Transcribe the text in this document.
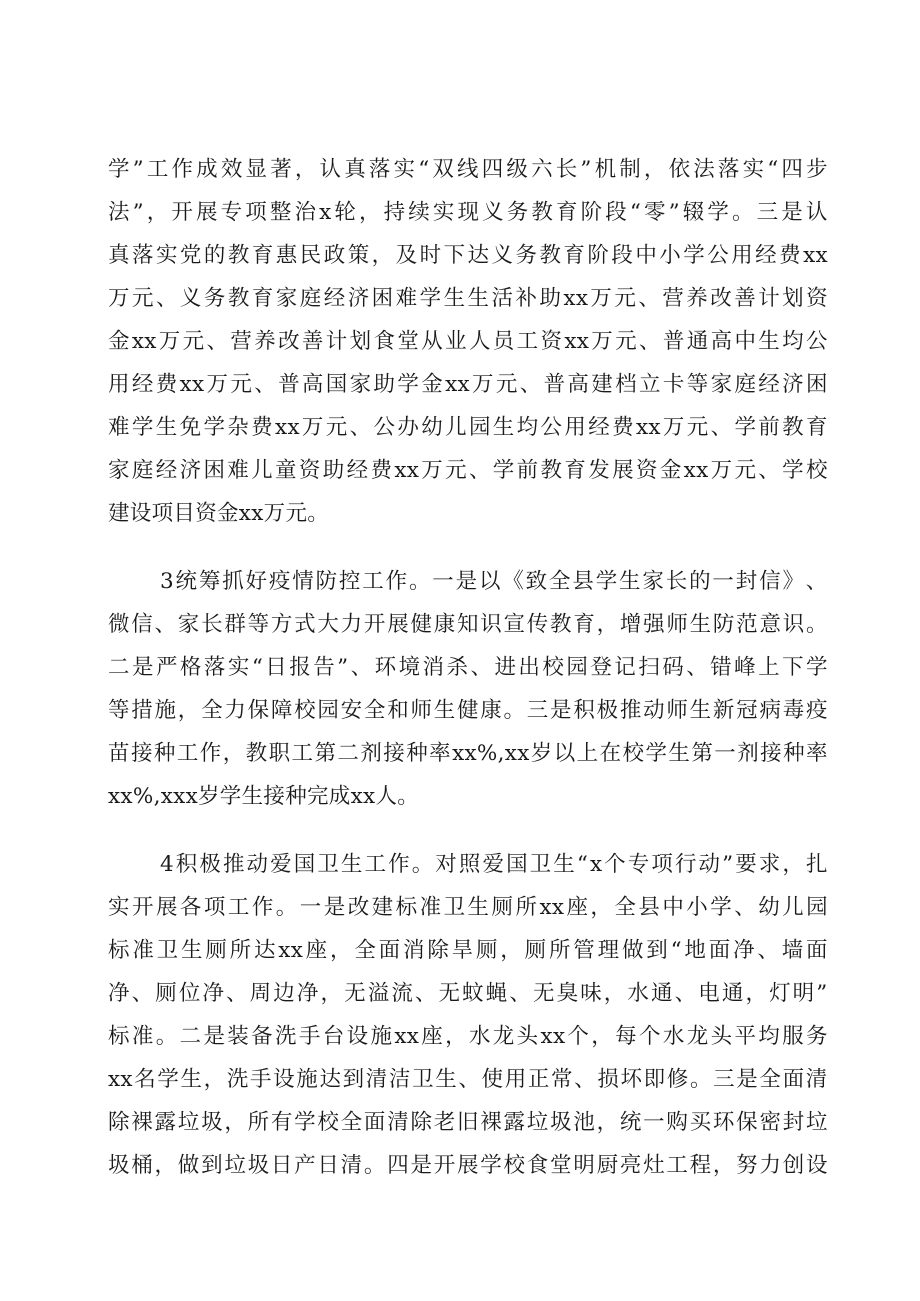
学 ” 工 作 成 效 显 著 ， 认 真 落 实 “ 双 线 四 级 六 长 ” 机 制 ， 依 法 落 实 “ 四 步
法 ” ， 开 展 专 项 整 治 x 轮 ， 持 续 实 现 义 务 教 育 阶 段 “ 零 ” 辍 学 。 三 是 认
真 落 实 党 的 教 育 惠 民 政 策 ， 及 时 下 达 义 务 教 育 阶 段 中 小 学 公 用 经 费 xx
万 元 、 义 务 教 育 家 庭 经 济 困 难 学 生 生 活 补 助 xx 万 元 、 营 养 改 善 计 划 资
金 xx 万 元 、 营 养 改 善 计 划 食 堂 从 业 人 员 工 资 xx 万 元 、 普 通 高 中 生 均 公
用 经 费 xx 万 元 、 普 高 国 家 助 学 金 xx 万 元 、 普 高 建 档 立 卡 等 家 庭 经 济 困
难 学 生 免 学 杂 费 xx 万 元 、 公 办 幼 儿 园 生 均 公 用 经 费 xx 万 元 、 学 前 教 育
家 庭 经 济 困 难 儿 童 资 助 经 费 xx 万 元 、 学 前 教 育 发 展 资 金 xx 万 元 、 学 校
建设项目资金xx万元。
3 统 筹 抓 好 疫 情 防 控 工 作 。 一 是 以 《 致 全 县 学 生 家 长 的 一 封 信 》 、
微 信 、 家 长 群 等 方 式 大 力 开 展 健 康 知 识 宣 传 教 育 ， 增 强 师 生 防 范 意 识 。
二 是 严 格 落 实 “ 日 报 告 ” 、 环 境 消 杀 、 进 出 校 园 登 记 扫 码 、 错 峰 上 下 学
等 措 施 ， 全 力 保 障 校 园 安 全 和 师 生 健 康 。 三 是 积 极 推 动 师 生 新 冠 病 毒 疫
苗 接 种 工 作 ， 教 职 工 第 二 剂 接 种 率 xx%,xx 岁 以 上 在 校 学 生 第 一 剂 接 种 率
xx%,xxx岁学生接种完成xx人。
4 积 极 推 动 爱 国 卫 生 工 作 。 对 照 爱 国 卫 生 “ x 个 专 项 行 动 ” 要 求 ， 扎
实 开 展 各 项 工 作 。 一 是 改 建 标 准 卫 生 厕 所 xx 座 ， 全 县 中 小 学 、 幼 儿 园
标 准 卫 生 厕 所 达 xx 座 ， 全 面 消 除 旱 厕 ， 厕 所 管 理 做 到 “ 地 面 净 、 墙 面
净 、 厕 位 净 、 周 边 净 ， 无 溢 流 、 无 蚊 蝇 、 无 臭 味 ， 水 通 、 电 通 ， 灯 明 ”
标 准 。 二 是 装 备 洗 手 台 设 施 xx 座 ， 水 龙 头 xx 个 ， 每 个 水 龙 头 平 均 服 务
xx 名 学 生 ， 洗 手 设 施 达 到 清 洁 卫 生 、 使 用 正 常 、 损 坏 即 修 。 三 是 全 面 清
除 裸 露 垃 圾 ， 所 有 学 校 全 面 清 除 老 旧 裸 露 垃 圾 池 ， 统 一 购 买 环 保 密 封 垃
圾 桶 ， 做 到 垃 圾 日 产 日 清 。 四 是 开 展 学 校 食 堂 明 厨 亮 灶 工 程 ， 努 力 创 设
